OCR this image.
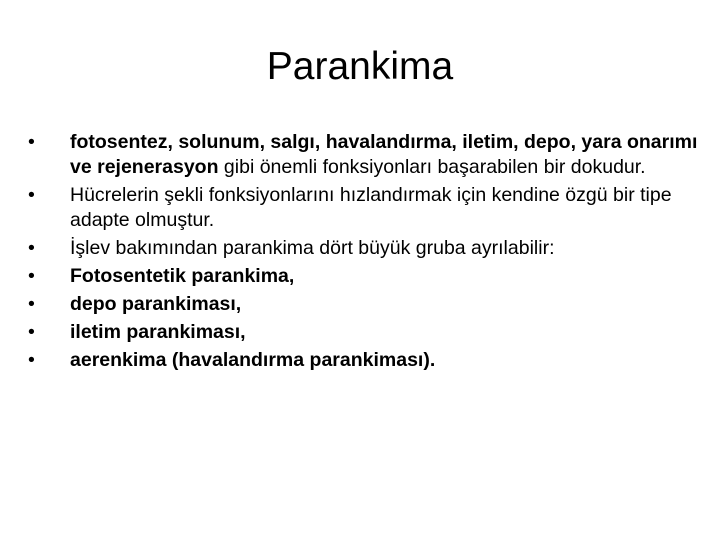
Parankima
•	fotosentez, solunum, salgı, havalandırma, iletim, depo, yara onarımı ve rejenerasyon gibi önemli fonksiyonları başarabilen bir dokudur.
•	Hücrelerin şekli fonksiyonlarını hızlandırmak için kendine özgü bir tipe adapte olmuştur.
•	İşlev bakımından parankima dört büyük gruba ayrılabilir:
•	Fotosentetik parankima,
•	depo parankiması,
•	iletim parankiması,
•	aerenkima (havalandırma parankiması).
